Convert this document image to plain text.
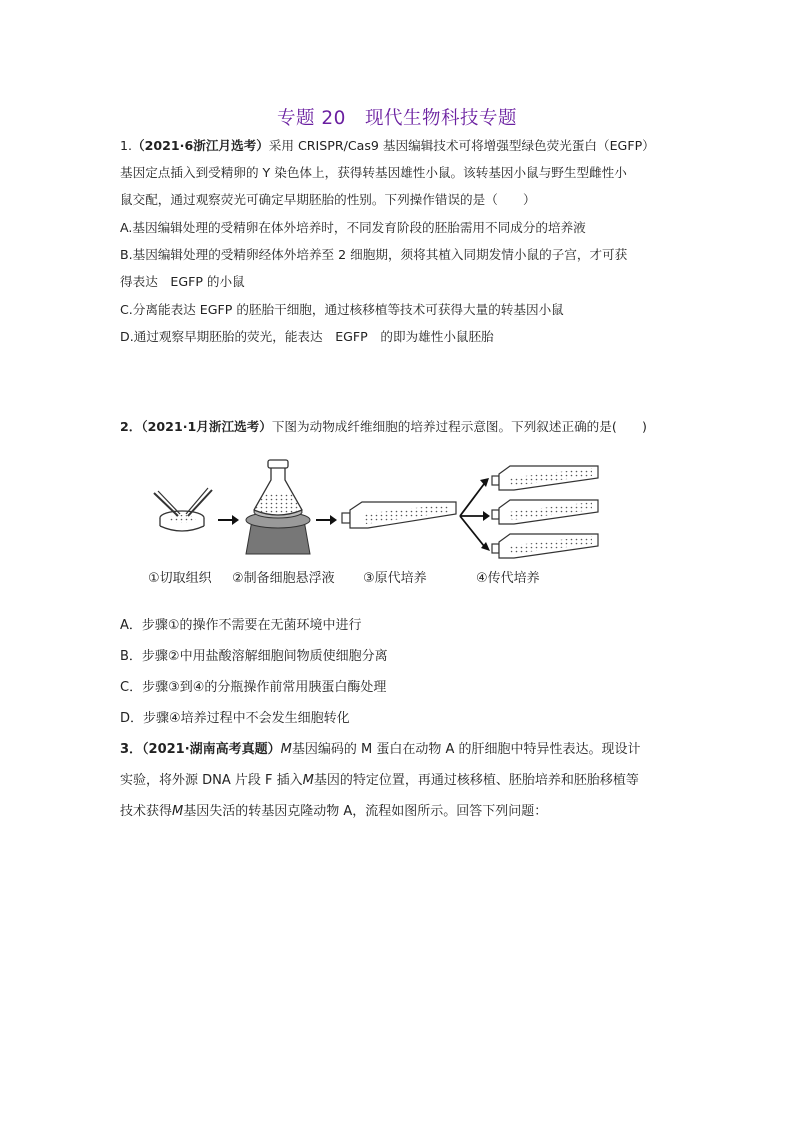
专题 20　现代生物科技专题
1.（2021·6浙江月选考）采用 CRISPR/Cas9 基因编辑技术可将增强型绿色荧光蛋白（EGFP）
基因定点插入到受精卵的 Y 染色体上，获得转基因雄性小鼠。该转基因小鼠与野生型雌性小
鼠交配，通过观察荧光可确定早期胚胎的性别。下列操作错误的是（　　）
A.基因编辑处理的受精卵在体外培养时，不同发育阶段的胚胎需用不同成分的培养液
B.基因编辑处理的受精卵经体外培养至 2 细胞期，须将其植入同期发情小鼠的子宫，才可获
得表达　EGFP 的小鼠
C.分离能表达 EGFP 的胚胎干细胞，通过核移植等技术可获得大量的转基因小鼠
D.通过观察早期胚胎的荧光，能表达　EGFP　的即为雄性小鼠胚胎
2．（2021·1月浙江选考）下图为动物成纤维细胞的培养过程示意图。下列叙述正确的是(　　)
①切取组织 ②制备细胞悬浮液 ③原代培养	④传代培养
A．步骤①的操作不需要在无菌环境中进行
B．步骤②中用盐酸溶解细胞间物质使细胞分离
C．步骤③到④的分瓶操作前常用胰蛋白酶处理
D．步骤④培养过程中不会发生细胞转化
3．（2021·湖南高考真题）M基因编码的 M 蛋白在动物 A 的肝细胞中特异性表达。现设计
实验，将外源 DNA 片段 F 插入M基因的特定位置，再通过核移植、胚胎培养和胚胎移植等
技术获得M基因失活的转基因克隆动物 A，流程如图所示。回答下列问题：
